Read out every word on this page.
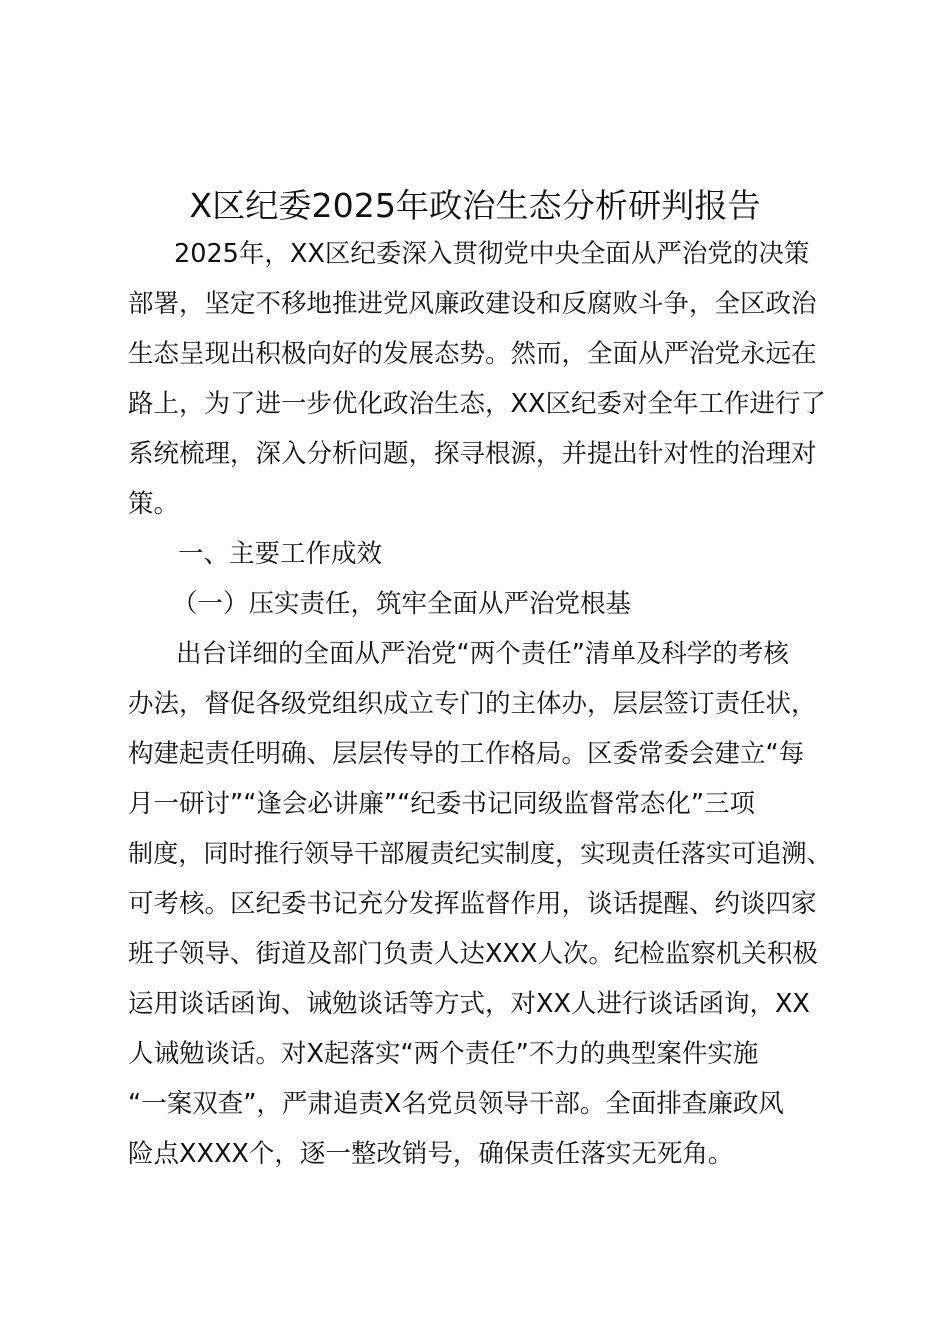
X区纪委2025年政治生态分析研判报告
2025年，XX区纪委深入贯彻党中央全面从严治党的决策
部署，坚定不移地推进党风廉政建设和反腐败斗争，全区政治
生态呈现出积极向好的发展态势。然而，全面从严治党永远在
路上，为了进一步优化政治生态，XX区纪委对全年工作进行了
系统梳理，深入分析问题，探寻根源，并提出针对性的治理对
策。
一、主要工作成效
（一）压实责任，筑牢全面从严治党根基
出台详细的全面从严治党“两个责任”清单及科学的考核
办法，督促各级党组织成立专门的主体办，层层签订责任状，
构建起责任明确、层层传导的工作格局。区委常委会建立“每
月一研讨”“逢会必讲廉”“纪委书记同级监督常态化”三项
制度，同时推行领导干部履责纪实制度，实现责任落实可追溯、
可考核。区纪委书记充分发挥监督作用，谈话提醒、约谈四家
班子领导、街道及部门负责人达XXX人次。纪检监察机关积极
运用谈话函询、诫勉谈话等方式，对XX人进行谈话函询，XX
人诫勉谈话。对X起落实“两个责任”不力的典型案件实施
“一案双查”，严肃追责X名党员领导干部。全面排查廉政风
险点XXXX个，逐一整改销号，确保责任落实无死角。
